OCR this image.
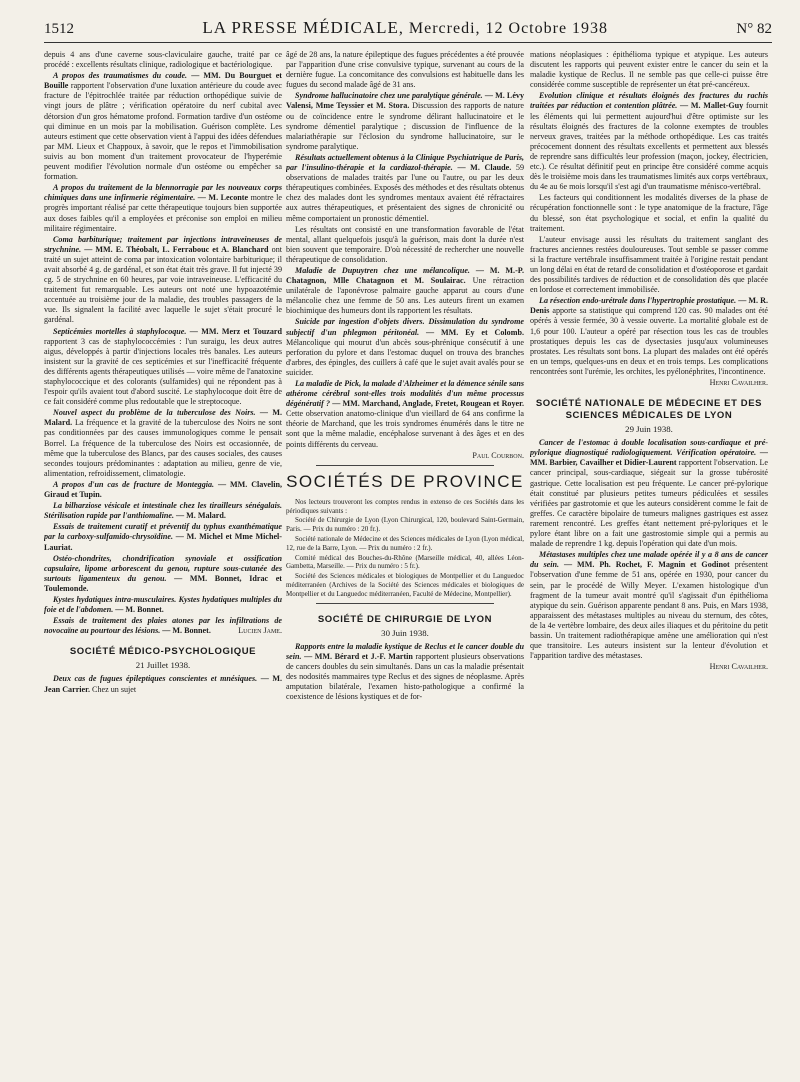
1512	LA PRESSE MÉDICALE, Mercredi, 12 Octobre 1938	N° 82

depuis 4 ans d'une caverne sous-claviculaire gauche, traité par ce procédé : excellents résultats clinique, radiologique et bactériologique.

A propos des traumatismes du coude. — MM. Du Bourguet et Bouille rapportent l'observation d'une luxation antérieure du coude avec fracture de l'épitrochlée traitée par réduction orthopédique suivie de vingt jours de plâtre ; vérification opératoire du nerf cubital avec détorsion d'un gros hématome profond. Formation tardive d'un ostéome qui diminue en un mois par la mobilisation. Guérison complète. Les auteurs estiment que cette observation vient à l'appui des idées défendues par MM. Lieux et Chappoux, à savoir, que le repos et l'immobilisation suivis au bon moment d'un traitement provocateur de l'hyperémie peuvent modifier l'évolution normale d'un ostéome ou empêcher sa formation.

A propos du traitement de la blennorragie par les nouveaux corps chimiques dans une infirmerie régimentaire. — M. Leconte montre le progrès important réalisé par cette thérapeutique toujours bien supportée aux doses faibles qu'il a employées et préconise son emploi en milieu militaire régimentaire.

Coma barbiturique; traitement par injections intraveineuses de strychnine. — MM. E. Théobalt, L. Ferrabouc et A. Blanchard ont traité un sujet atteint de coma par intoxication volontaire barbiturique; il avait absorbé 4 g. de gardénal, et son état était très grave. Il fut injecté 39 cg. 5 de strychnine en 60 heures, par voie intraveineuse. L'efficacité du traitement fut remarquable. Les auteurs ont noté une hypoazotémie accentuée au troisième jour de la maladie, des troubles passagers de la vue. Ils signalent la facilité avec laquelle le sujet s'était procuré le gardénal.

Septicémies mortelles à staphylocoque. — MM. Merz et Touzard rapportent 3 cas de staphylococcémies : l'un suraigu, les deux autres aigus, développés à partir d'injections locales très banales. Les auteurs insistent sur la gravité de ces septicémies et sur l'inefficacité fréquente des différents agents thérapeutiques utilisés — voire même de l'anatoxine staphylococcique et des colorants (sulfamides) qui ne répondent pas à l'espoir qu'ils avaient tout d'abord suscité. Le staphylocoque doit être de ce fait considéré comme plus redoutable que le streptocoque.

Nouvel aspect du problème de la tuberculose des Noirs. — M. Malard. La fréquence et la gravité de la tuberculose des Noirs ne sont pas conditionnées par des causes immunologiques comme le pensait Borrel. La fréquence de la tuberculose des Noirs est occasionnée, de même que la tuberculose des Blancs, par des causes sociales, des causes secondes toujours prédominantes : adaptation au milieu, genre de vie, alimentation, refroidissement, climatologie.

A propos d'un cas de fracture de Monteggia. — MM. Clavelin, Giraud et Tupin.

La bilharziose vésicale et intestinale chez les tirailleurs sénégalais. Stérilisation rapide par l'anthiomaline. — M. Malard.

Essais de traitement curatif et préventif du typhus exanthématique par la carboxy-sulfamido-chrysoïdine. — M. Michel et Mme Michel-Lauriat.

Ostéo-chondrites, chondrification synoviale et ossification capsulaire, lipome arborescent du genou, rupture sous-cutanée des surtouts ligamenteux du genou. — MM. Bonnet, Idrac et Toulemonde.

Kystes hydatiques intra-musculaires. Kystes hydatiques multiples du foie et de l'abdomen. — M. Bonnet.

Essais de traitement des plaies atones par les infiltrations de novocaïne au pourtour des lésions. — M. Bonnet.	Lucien Jame.

SOCIÉTÉ MÉDICO-PSYCHOLOGIQUE
21 Juillet 1938.

Deux cas de fugues épileptiques conscientes et mnésiques. — M. Jean Carrier. Chez un sujet

âgé de 28 ans, la nature épileptique des fugues précédentes a été prouvée par l'apparition d'une crise convulsive typique, survenant au cours de la dernière fugue. La concomitance des convulsions est habituelle dans les fugues du second malade âgé de 31 ans.

Syndrome hallucinatoire chez une paralytique générale. — M. Lévy Valensi, Mme Teyssier et M. Stora. Discussion des rapports de nature ou de coïncidence entre le syndrome délirant hallucinatoire et le syndrome démentiel paralytique ; discussion de l'influence de la malariathérapie sur l'éclosion du syndrome hallucinatoire, sur le syndrome paralytique.

Résultats actuellement obtenus à la Clinique Psychiatrique de Paris, par l'insulino-thérapie et la cardiazol-thérapie. — M. Claude. 59 observations de malades traités par l'une ou l'autre, ou par les deux thérapeutiques combinées. Exposés des méthodes et des résultats obtenus chez des malades dont les syndromes mentaux avaient été réfractaires aux autres thérapeutiques, et présentaient des signes de chronicité ou même comportaient un pronostic démentiel.

Les résultats ont consisté en une transformation favorable de l'état mental, allant quelquefois jusqu'à la guérison, mais dont la durée n'est bien souvent que temporaire. D'où nécessité de rechercher une nouvelle thérapeutique de consolidation.

Maladie de Dupuytren chez une mélancolique. — M. M.-P. Chatagnon, Mlle Chatagnon et M. Soulairac. Une rétraction unilatérale de l'aponévrose palmaire gauche apparut au cours d'une mélancolie chez une femme de 50 ans. Les auteurs firent un examen biochimique des humeurs dont ils rapportent les résultats.

Suicide par ingestion d'objets divers. Dissimulation du syndrome subjectif d'un phlegmon péritonéal. — MM. Ey et Colomb. Mélancolique qui mourut d'un abcès sous-phrénique consécutif à une perforation du pylore et dans l'estomac duquel on trouva des branches d'arbres, des épingles, des cuillers à café que le sujet avait avalés pour se suicider.

La maladie de Pick, la malade d'Alzheimer et la démence sénile sans athérome cérébral sont-elles trois modalités d'un même processus dégénératif ? — MM. Marchand, Anglade, Fretet, Rougean et Royer. Cette observation anatomo-clinique d'un vieillard de 64 ans confirme la théorie de Marchand, que les trois syndromes énumérés dans le titre ne sont que la même maladie, encéphalose survenant à des âges et en des points différents du cerveau.

Paul Courbon.

SOCIÉTÉS DE PROVINCE

Nos lecteurs trouveront les comptes rendus in extenso de ces Sociétés dans les périodiques suivants :

Société de Chirurgie de Lyon (Lyon Chirurgical, 120, boulevard Saint-Germain, Paris. — Prix du numéro : 20 fr.).

Société nationale de Médecine et des Sciences médicales de Lyon (Lyon médical, 12, rue de la Barre, Lyon. — Prix du numéro : 2 fr.).

Comité médical des Bouches-du-Rhône (Marseille médical, 40, allées Léon-Gambetta, Marseille. — Prix du numéro : 5 fr.).

Société des Sciences médicales et biologiques de Montpellier et du Languedoc méditerranéen (Archives de la Société des Sciences médicales et biologiques de Montpellier et du Languedoc méditerranéen, Faculté de Médecine, Montpellier).

SOCIÉTÉ DE CHIRURGIE DE LYON
30 Juin 1938.

Rapports entre la maladie kystique de Reclus et le cancer double du sein. — MM. Bérard et J.-F. Martin rapportent plusieurs observations de cancers doubles du sein simultanés. Dans un cas la maladie présentait des nodosités mammaires type Reclus et des signes de néoplasme. Après amputation bilatérale, l'examen histo-pathologique a confirmé la coexistence de lésions kystiques et de for-

mations néoplasiques : épithélioma typique et atypique. Les auteurs discutent les rapports qui peuvent exister entre le cancer du sein et la maladie kystique de Reclus. Il ne semble pas que celle-ci puisse être considérée comme susceptible de représenter un état pré-cancéreux.

Evolution clinique et résultats éloignés des fractures du rachis traitées par réduction et contention plâtrée. — M. Mallet-Guy fournit les éléments qui lui permettent aujourd'hui d'être optimiste sur les résultats éloignés des fractures de la colonne exemptes de troubles nerveux graves, traitées par la méthode orthopédique. Les cas traités précocement donnent des résultats excellents et permettent aux blessés de reprendre sans difficultés leur profession (maçon, jockey, électricien, etc.). Ce résultat définitif peut en principe être considéré comme acquis dès le troisième mois dans les traumatismes limités aux corps vertébraux, du 4e au 6e mois lorsqu'il s'est agi d'un traumatisme ménisco-vertébral.

Les facteurs qui conditionnent les modalités diverses de la phase de récupération fonctionnelle sont : le type anatomique de la fracture, l'âge du blessé, son état psychologique et social, et enfin la qualité du traitement.

L'auteur envisage aussi les résultats du traitement sanglant des fractures anciennes restées douloureuses. Tout semble se passer comme si la fracture vertébrale insuffisamment traitée à l'origine restait pendant un long délai en état de retard de consolidation et d'ostéoporose et gardait des possibilités tardives de réduction et de consolidation dès que placée en lordose et correctement immobilisée.

La résection endo-urétrale dans l'hypertrophie prostatique. — M. R. Denis apporte sa statistique qui comprend 120 cas. 90 malades ont été opérés à vessie fermée, 30 à vessie ouverte. La mortalité globale est de 1,6 pour 100. L'auteur a opéré par résection tous les cas de troubles prostatiques depuis les cas de dysectasies jusqu'aux volumineuses prostates. Les résultats sont bons. La plupart des malades ont été opérés en un temps, quelques-uns en deux et en trois temps. Les complications rencontrées sont l'urémie, les orchites, les pyélonéphrites, l'incontinence.

Henri Cavailher.

SOCIÉTÉ NATIONALE DE MÉDECINE ET DES SCIENCES MÉDICALES DE LYON
29 Juin 1938.

Cancer de l'estomac à double localisation sous-cardiaque et pré-pylorique diagnostiqué radiologiquement. Vérification opératoire. — MM. Barbier, Cavailher et Didier-Laurent rapportent l'observation. Le cancer principal, sous-cardiaque, siégeait sur la grosse tubérosité gastrique. Cette localisation est peu fréquente. Le cancer pré-pylorique était constitué par plusieurs petites tumeurs pédiculées et sessiles vérifiées par gastrotomie et que les auteurs considèrent comme le fait de greffes. Ce caractère bipolaire de tumeurs malignes gastriques est assez rarement rencontré. Les greffes étant nettement pré-pyloriques et le pylore étant libre on a fait une gastrostomie simple qui a permis au malade de reprendre 1 kg. depuis l'opération qui date d'un mois.

Métastases multiples chez une malade opérée il y a 8 ans de cancer du sein. — MM. Ph. Rochet, F. Magnin et Godinot présentent l'observation d'une femme de 51 ans, opérée en 1930, pour cancer du sein, par le procédé de Willy Meyer. L'examen histologique d'un fragment de la tumeur avait montré qu'il s'agissait d'un épithélioma atypique du sein. Guérison apparente pendant 8 ans. Puis, en Mars 1938, apparaissent des métastases multiples au niveau du sternum, des côtes, de la 4e vertèbre lombaire, des deux ailes iliaques et du péritoine du petit bassin. Un traitement radiothérapique amène une amélioration qui n'est que transitoire. Les auteurs insistent sur la lenteur d'évolution et l'apparition tardive des métastases.

Henri Cavailher.
